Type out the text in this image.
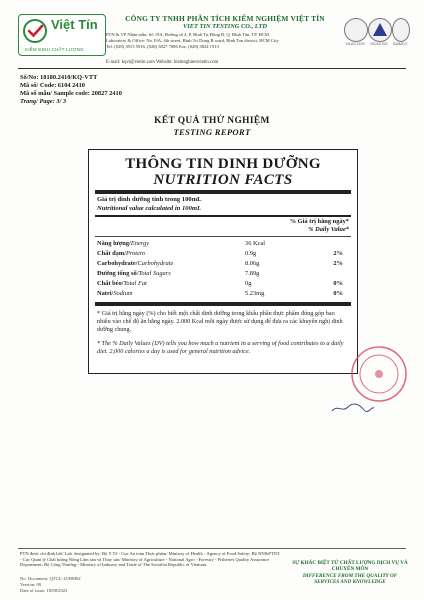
Việt Tín
KIỂM ĐỊNH CHẤT LƯỢNG
CÔNG TY TNHH PHÂN TÍCH KIỂM NGHIỆM VIỆT TÍN
VIET TIN TESTING CO., LTD
PTN & VP Nhận mẫu: Số 19A, Đường số 4, P. Bình Trị Đông B, Q. Bình Tân, TP. HCM
Laboratory & Office: No.19A, 4th street, Binh Tri Dong B ward, Binh Tan district, HCM City
Tel: (028) 3915 5916, (028) 3827 7086 Fax: (028) 3824 1913
E-mail: kqvt@vietin.com Website: kiemnghiemvietin.com
VILAS 1103	VICAS 021	GIAMCO
Số/No: 18180.2410/KQ-VTT
Mã số/ Code: 6104 2410
Mã số mẫu/ Sample code: 20827 2410
Trang/ Page: 3/ 3
KẾT QUẢ THỬ NGHIỆM
TESTING REPORT
THÔNG TIN DINH DƯỠNG
NUTRITION FACTS
Giá trị dinh dưỡng tính trong 100mL
Nutritional value calculated in 100mL
% Giá trị hằng ngày*
% Daily Value*
Năng lượng/Energy	36 Kcal
Chất đạm/Protein	0.9g	2%
Carbohydrate/Carbohydrate	8.06g	2%
Đường tổng số/Total Sugars	7.89g
Chất béo/Total Fat	0g	0%
Natri/Sodium	5.23mg	0%
* Giá trị hằng ngày (%) cho biết một chất dinh dưỡng trong khẩu phần thực phẩm đóng góp bao nhiêu vào chế độ ăn hằng ngày. 2.000 Kcal mỗi ngày được sử dụng để đưa ra các khuyến nghị dinh dưỡng chung.
* The % Daily Values (DV) tells you how much a nutrient in a serving of food contributes to a daily diet. 2,000 calories a day is used for general nutrition advice.
PTN được chỉ định bởi/ Lab. designated by: Bộ Y Tế - Cục An toàn Thực phẩm/ Ministry of Health - Agency of Food Safety; Bộ NN&PTNT - Cục Quản lý Chất lượng Nông Lâm sản và Thủy sản/ Ministry of Agriculture - National Agro - Forestry - Fisheries Quality Assurance Department; Bộ Công Thương - Ministry of Industry and Trade of The Socialist Republic of Vietnam.	SỰ KHÁC BIỆT TỪ CHẤT LƯỢNG DỊCH VỤ VÀ CHUYÊN MÔN
DIFFERENCE FROM THE QUALITY OF SERVICES AND KNOWLEDGE
No. Document: QTCL-15/BM02
Version: 09
Date of issue: 18/08/2023
